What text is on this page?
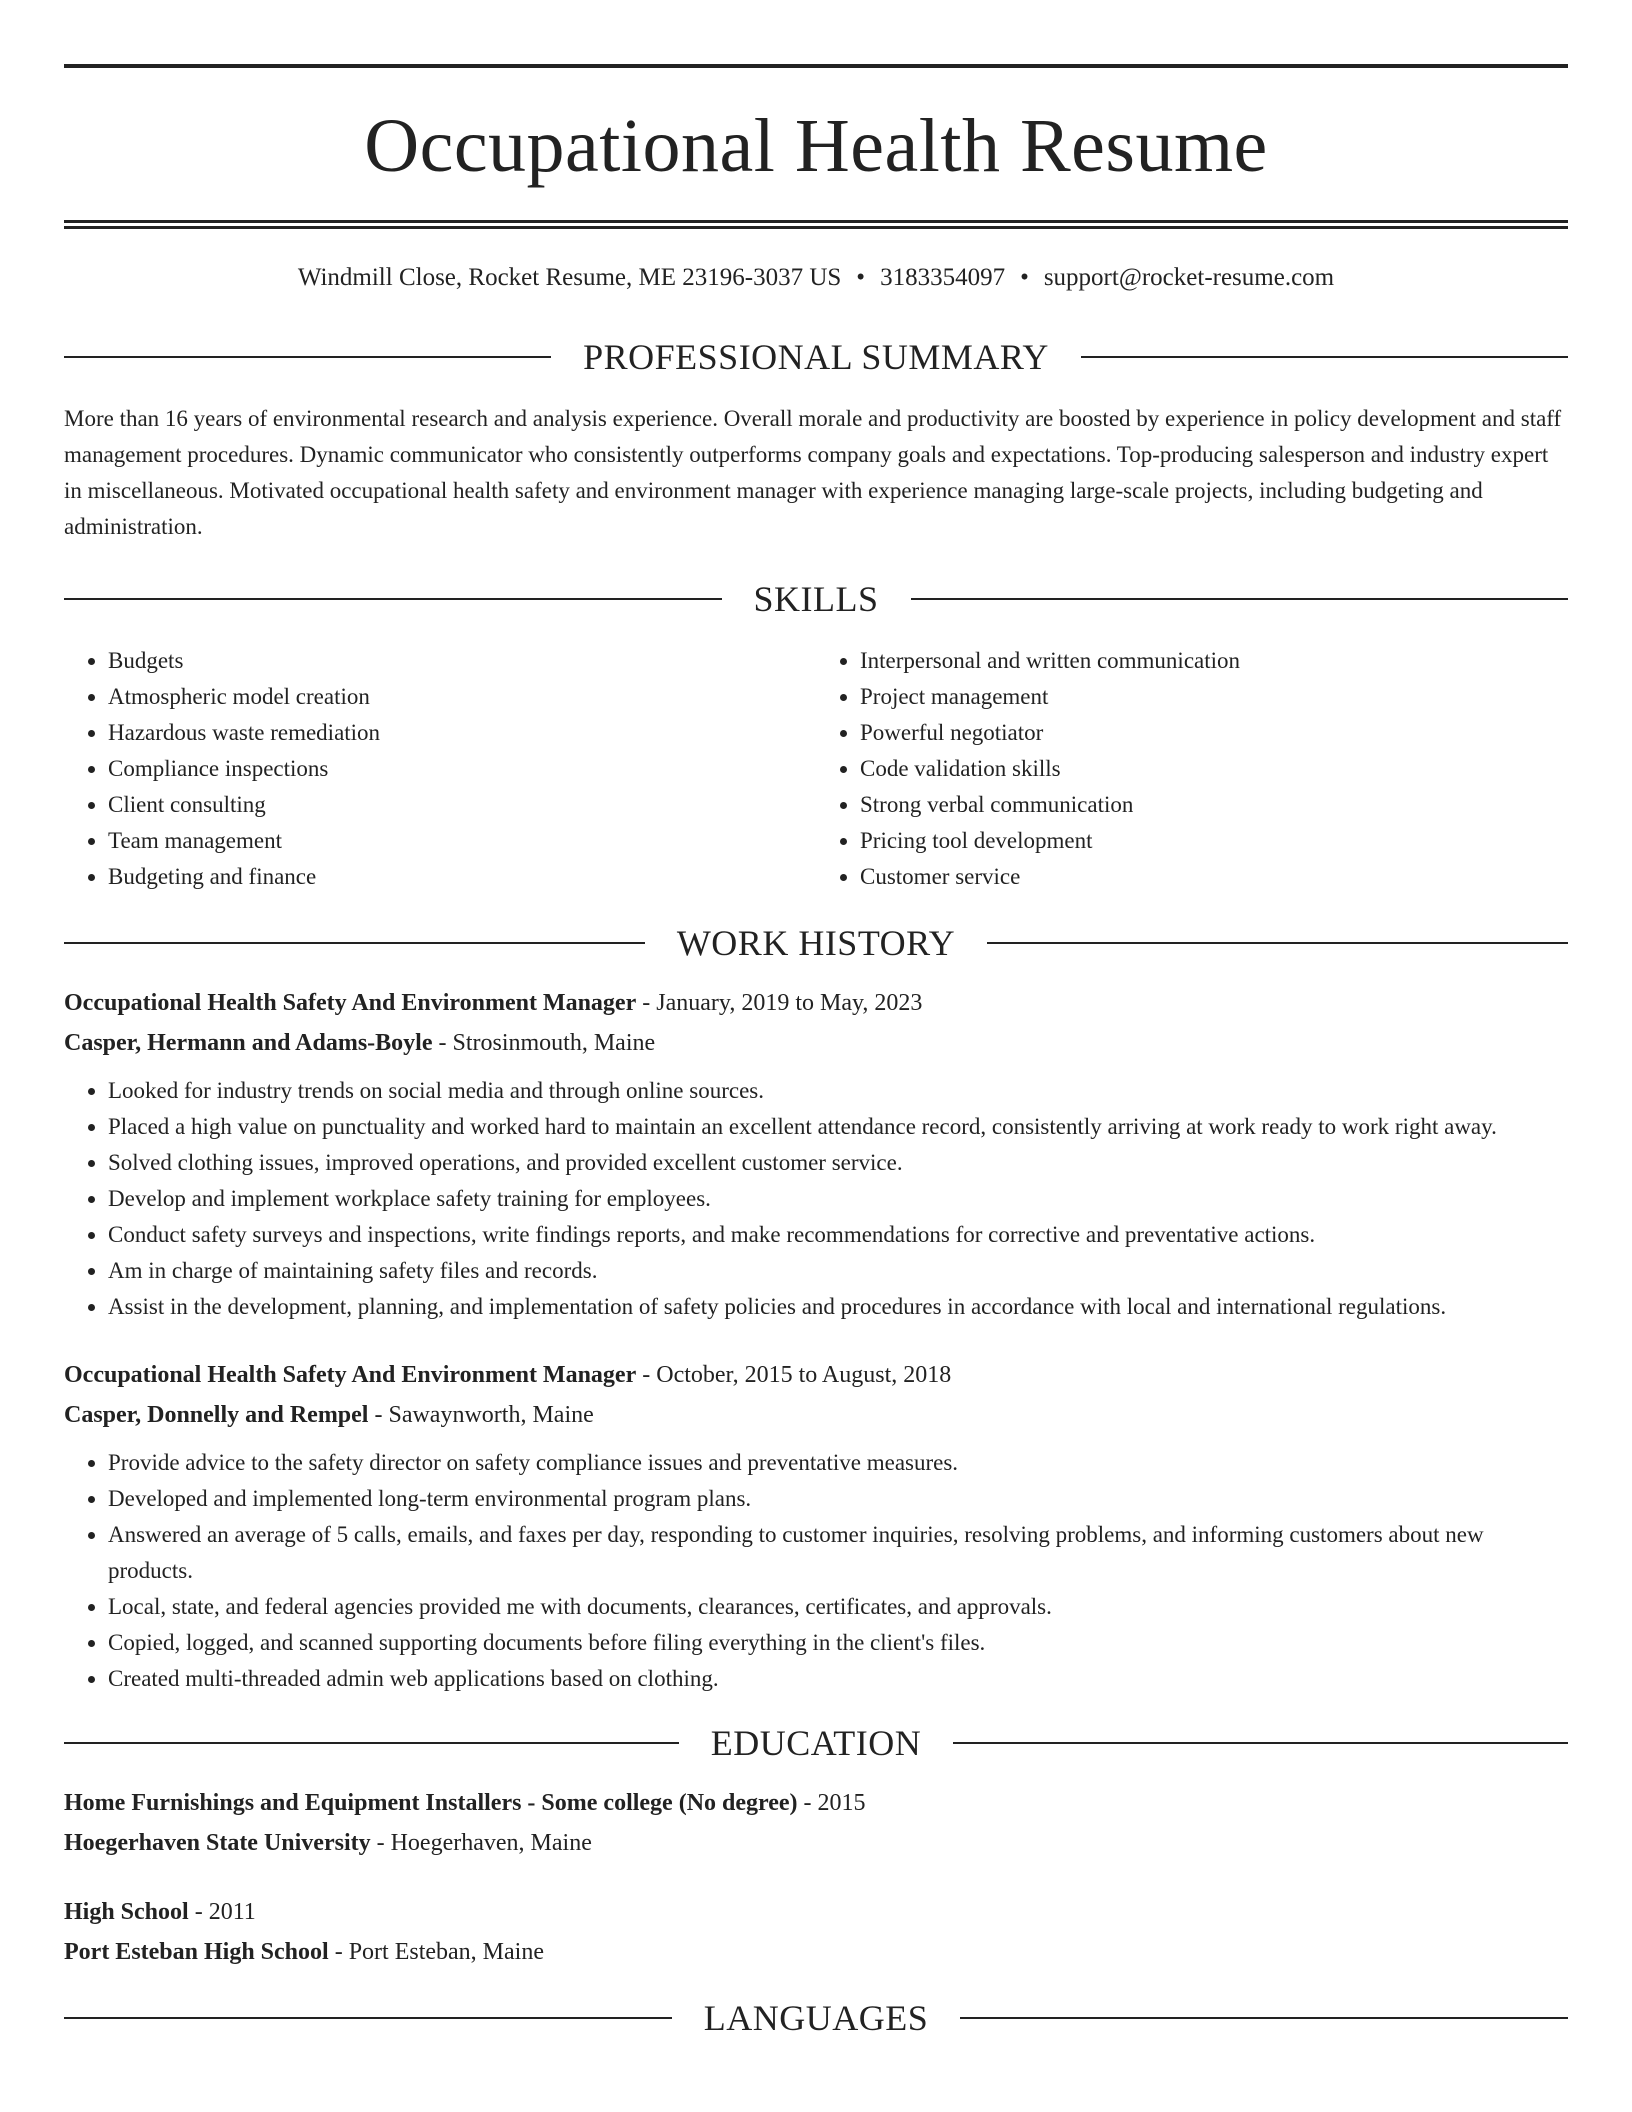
Occupational Health Resume
Windmill Close, Rocket Resume, ME 23196-3037 US • 3183354097 • support@rocket-resume.com
PROFESSIONAL SUMMARY

More than 16 years of environmental research and analysis experience. Overall morale and productivity are boosted by experience in policy development and staff management procedures. Dynamic communicator who consistently outperforms company goals and expectations. Top-producing salesperson and industry expert in miscellaneous. Motivated occupational health safety and environment manager with experience managing large-scale projects, including budgeting and administration.

SKILLS
• Budgets
• Atmospheric model creation
• Hazardous waste remediation
• Compliance inspections
• Client consulting
• Team management
• Budgeting and finance
• Interpersonal and written communication
• Project management
• Powerful negotiator
• Code validation skills
• Strong verbal communication
• Pricing tool development
• Customer service
WORK HISTORY
Occupational Health Safety And Environment Manager - January, 2019 to May, 2023
Casper, Hermann and Adams-Boyle - Strosinmouth, Maine
• Looked for industry trends on social media and through online sources.
• Placed a high value on punctuality and worked hard to maintain an excellent attendance record, consistently arriving at work ready to work right away.
• Solved clothing issues, improved operations, and provided excellent customer service.
• Develop and implement workplace safety training for employees.
• Conduct safety surveys and inspections, write findings reports, and make recommendations for corrective and preventative actions.
• Am in charge of maintaining safety files and records.
• Assist in the development, planning, and implementation of safety policies and procedures in accordance with local and international regulations.
Occupational Health Safety And Environment Manager - October, 2015 to August, 2018
Casper, Donnelly and Rempel - Sawaynworth, Maine
• Provide advice to the safety director on safety compliance issues and preventative measures.
• Developed and implemented long-term environmental program plans.
• Answered an average of 5 calls, emails, and faxes per day, responding to customer inquiries, resolving problems, and informing customers about new products.
• Local, state, and federal agencies provided me with documents, clearances, certificates, and approvals.
• Copied, logged, and scanned supporting documents before filing everything in the client's files.
• Created multi-threaded admin web applications based on clothing.
EDUCATION
Home Furnishings and Equipment Installers - Some college (No degree) - 2015
Hoegerhaven State University - Hoegerhaven, Maine
High School - 2011
Port Esteban High School - Port Esteban, Maine
LANGUAGES
